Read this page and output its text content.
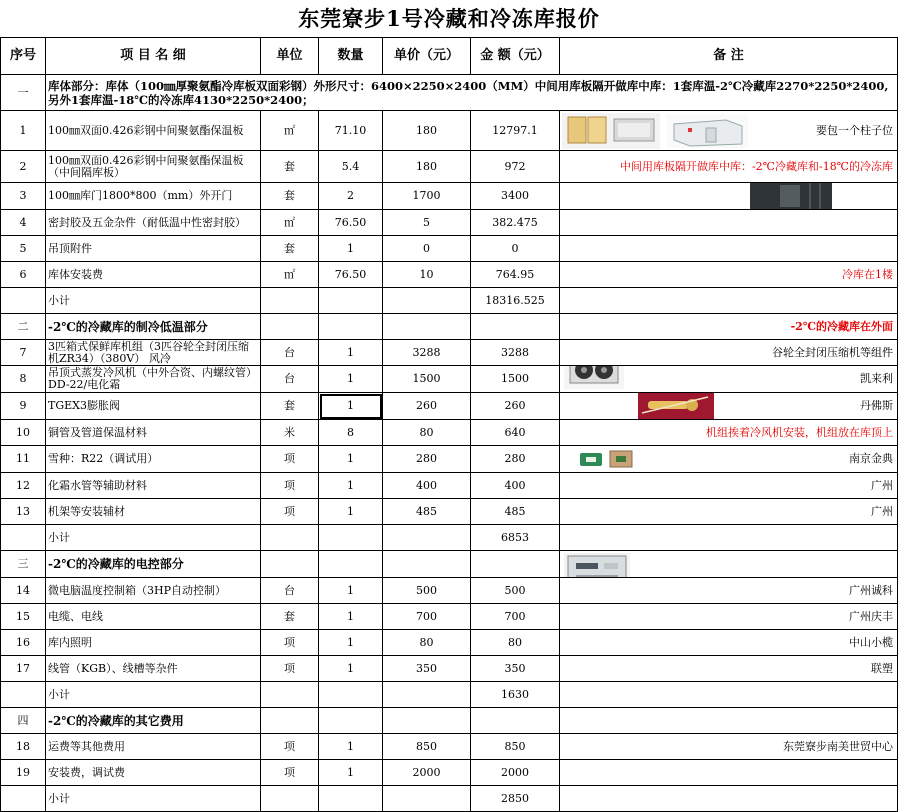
东莞寮步1号冷藏和冷冻库报价
序号	项 目 名 细	单位	数量	单价（元）	金 额（元）	备 注
一	库体部分：库体（100㎜厚聚氨酯冷库板双面彩钢）外形尺寸：6400×2250×2400（MM）中间用库板隔开做库中库：1套库温-2℃冷藏库2270*2250*2400,另外1套库温-18℃的冷冻库4130*2250*2400；					
1	100㎜双面0.426彩钢中间聚氨酯保温板	㎡	71.10	180	12797.1	要包一个柱子位

2	100㎜双面0.426彩钢中间聚氨酯保温板（中间隔库板）	套	5.4	180	972	中间用库板隔开做库中库：-2℃冷藏库和-18℃的冷冻库
3	100㎜库门1800*800（mm）外开门	套	2	1700	3400	

4	密封胶及五金杂件（耐低温中性密封胶）	㎡	76.50	5	382.475	
5	吊顶附件	套	1	0	0	
6	库体安装费	㎡	76.50	10	764.95	冷库在1楼
	小计				18316.525	
二	-2℃的冷藏库的制冷低温部分					-2℃的冷藏库在外面
7	3匹箱式保鲜库机组（3匹谷轮全封闭压缩机ZR34）（380V） 风冷	台	1	3288	3288	谷轮全封闭压缩机等组件
8	吊顶式蒸发冷风机（中外合资、内螺纹管）DD-22/电化霜	台	1	1500	1500	凯来利

9	TGEX3膨胀阀	套	1	260	260	丹佛斯

10	铜管及管道保温材料	米	8	80	640	机组挨着冷风机安装，机组放在库顶上
11	雪种：R22（调试用）	项	1	280	280	南京金典

12	化霜水管等辅助材料	项	1	400	400	广州
13	机架等安装辅材	项	1	485	485	广州
	小计				6853	
三	-2℃的冷藏库的电控部分					

14	微电脑温度控制箱（3HP自动控制）	台	1	500	500	广州诚科
15	电缆、电线	套	1	700	700	广州庆丰
16	库内照明	项	1	80	80	中山小榄
17	线管（KGB）、线槽等杂件	项	1	350	350	联塑
	小计				1630	
四	-2℃的冷藏库的其它费用					
18	运费等其他费用	项	1	850	850	东莞寮步南美世贸中心
19	安装费，调试费	项	1	2000	2000	
	小计				2850	
